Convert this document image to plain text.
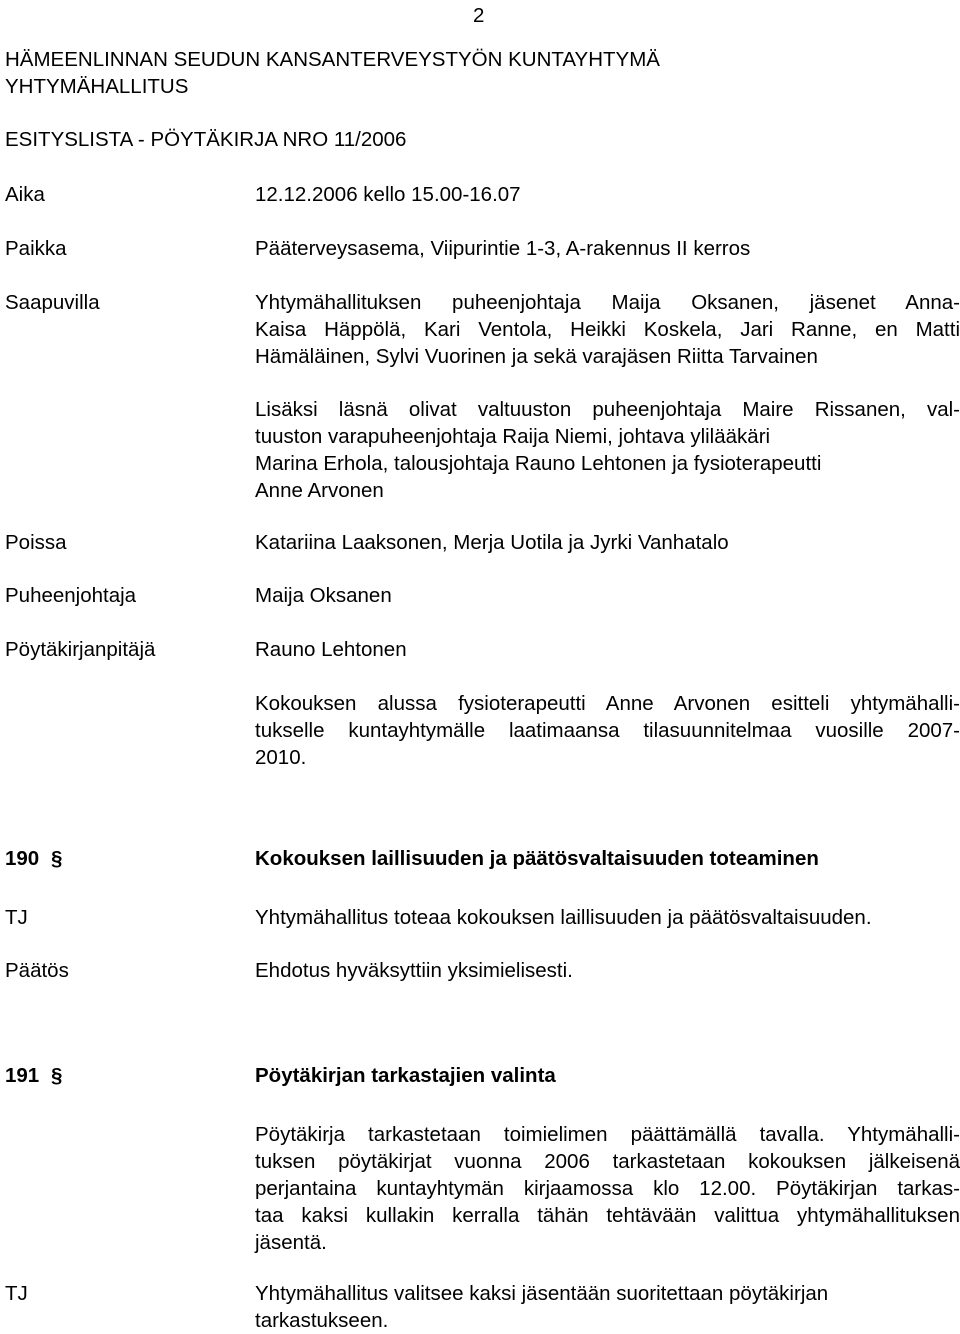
2
HÄMEENLINNAN SEUDUN KANSANTERVEYSTYÖN KUNTAYHTYMÄ
YHTYMÄHALLITUS
ESITYSLISTA - PÖYTÄKIRJA NRO 11/2006
Aika	12.12.2006 kello 15.00-16.07
Paikka	Pääterveysasema, Viipurintie 1-3, A-rakennus II kerros
Saapuvilla	Yhtymähallituksen puheenjohtaja Maija Oksanen, jäsenet Anna-
Kaisa Häppölä, Kari Ventola, Heikki Koskela, Jari Ranne, en Matti
Hämäläinen, Sylvi Vuorinen ja sekä varajäsen Riitta Tarvainen
Lisäksi läsnä olivat valtuuston puheenjohtaja Maire Rissanen, val-
tuuston varapuheenjohtaja Raija Niemi, johtava ylilääkäri
Marina Erhola, talousjohtaja Rauno Lehtonen ja fysioterapeutti
Anne Arvonen
Poissa	Katariina Laaksonen, Merja Uotila ja Jyrki Vanhatalo
Puheenjohtaja	Maija Oksanen
Pöytäkirjanpitäjä	Rauno Lehtonen
Kokouksen alussa fysioterapeutti Anne Arvonen esitteli yhtymähalli-
tukselle kuntayhtymälle laatimaansa tilasuunnitelmaa vuosille 2007-
2010.
190 §	Kokouksen laillisuuden ja päätösvaltaisuuden toteaminen
TJ	Yhtymähallitus toteaa kokouksen laillisuuden ja päätösvaltaisuuden.
Päätös	Ehdotus hyväksyttiin yksimielisesti.
191 §	Pöytäkirjan tarkastajien valinta
Pöytäkirja tarkastetaan toimielimen päättämällä tavalla. Yhtymähalli-
tuksen pöytäkirjat vuonna 2006 tarkastetaan kokouksen jälkeisenä
perjantaina kuntayhtymän kirjaamossa klo 12.00. Pöytäkirjan tarkas-
taa kaksi kullakin kerralla tähän tehtävään valittua yhtymähallituksen
jäsentä.
TJ	Yhtymähallitus valitsee kaksi jäsentään suoritettaan pöytäkirjan
tarkastukseen.
